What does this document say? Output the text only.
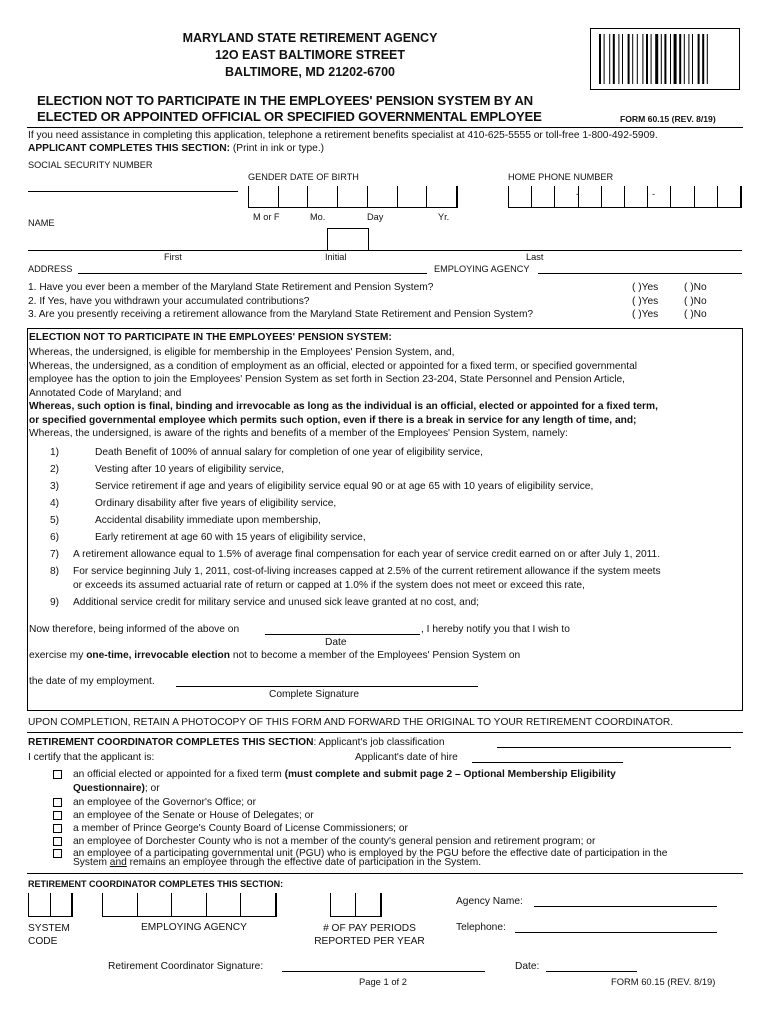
MARYLAND STATE RETIREMENT AGENCY
12O EAST BALTIMORE STREET
BALTIMORE, MD 21202-6700
ELECTION NOT TO PARTICIPATE IN THE EMPLOYEES' PENSION SYSTEM BY AN
ELECTED OR APPOINTED OFFICIAL OR SPECIFIED GOVERNMENTAL EMPLOYEE	FORM 60.15 (REV. 8/19)
If you need assistance in completing this application, telephone a retirement benefits specialist at 410-625-5555 or toll-free 1-800-492-5909.
APPLICANT COMPLETES THIS SECTION: (Print in ink or type.)
SOCIAL SECURITY NUMBER
GENDER DATE OF BIRTH	HOME PHONE NUMBER
-	-
M or F	Mo.	Day	Yr.
NAME
First	Initial	Last
ADDRESS	EMPLOYING AGENCY
1. Have you ever been a member of the Maryland State Retirement and Pension System?	( )Yes	( )No
2. If Yes, have you withdrawn your accumulated contributions?	( )Yes	( )No
3. Are you presently receiving a retirement allowance from the Maryland State Retirement and Pension System?	( )Yes	( )No
ELECTION NOT TO PARTICIPATE IN THE EMPLOYEES' PENSION SYSTEM:
Whereas, the undersigned, is eligible for membership in the Employees' Pension System, and,
Whereas, the undersigned, as a condition of employment as an official, elected or appointed for a fixed term, or specified governmental
employee has the option to join the Employees' Pension System as set forth in Section 23-204, State Personnel and Pension Article,
Annotated Code of Maryland; and
Whereas, such option is final, binding and irrevocable as long as the individual is an official, elected or appointed for a fixed term,
or specified governmental employee which permits such option, even if there is a break in service for any length of time, and;
Whereas, the undersigned, is aware of the rights and benefits of a member of the Employees' Pension System, namely:
1)	Death Benefit of 100% of annual salary for completion of one year of eligibility service,
2)	Vesting after 10 years of eligibility service,
3)	Service retirement if age and years of eligibility service equal 90 or at age 65 with 10 years of eligibility service,
4)	Ordinary disability after five years of eligibility service,
5)	Accidental disability immediate upon membership,
6)	Early retirement at age 60 with 15 years of eligibility service,
7) A retirement allowance equal to 1.5% of average final compensation for each year of service credit earned on or after July 1, 2011.
8) For service beginning July 1, 2011, cost-of-living increases capped at 2.5% of the current retirement allowance if the system meets
or exceeds its assumed actuarial rate of return or capped at 1.0% if the system does not meet or exceed this rate,
9) Additional service credit for military service and unused sick leave granted at no cost, and;
Now therefore, being informed of the above on	, I hereby notify you that I wish to
Date
exercise my one-time, irrevocable election not to become a member of the Employees' Pension System on
the date of my employment.
Complete Signature
UPON COMPLETION, RETAIN A PHOTOCOPY OF THIS FORM AND FORWARD THE ORIGINAL TO YOUR RETIREMENT COORDINATOR.
RETIREMENT COORDINATOR COMPLETES THIS SECTION: Applicant's job classification
I certify that the applicant is:	Applicant's date of hire
an official elected or appointed for a fixed term (must complete and submit page 2 – Optional Membership Eligibility
Questionnaire); or
an employee of the Governor's Office; or
an employee of the Senate or House of Delegates; or
a member of Prince George's County Board of License Commissioners; or
an employee of Dorchester County who is not a member of the county's general pension and retirement program; or
an employee of a participating governmental unit (PGU) who is employed by the PGU before the effective date of participation in the
System and remains an employee through the effective date of participation in the System.
RETIREMENT COORDINATOR COMPLETES THIS SECTION:
Agency Name:
SYSTEM
CODE
EMPLOYING AGENCY	# OF PAY PERIODS
REPORTED PER YEAR
Telephone:
Retirement Coordinator Signature:	Date:
Page 1 of 2	FORM 60.15 (REV. 8/19)
